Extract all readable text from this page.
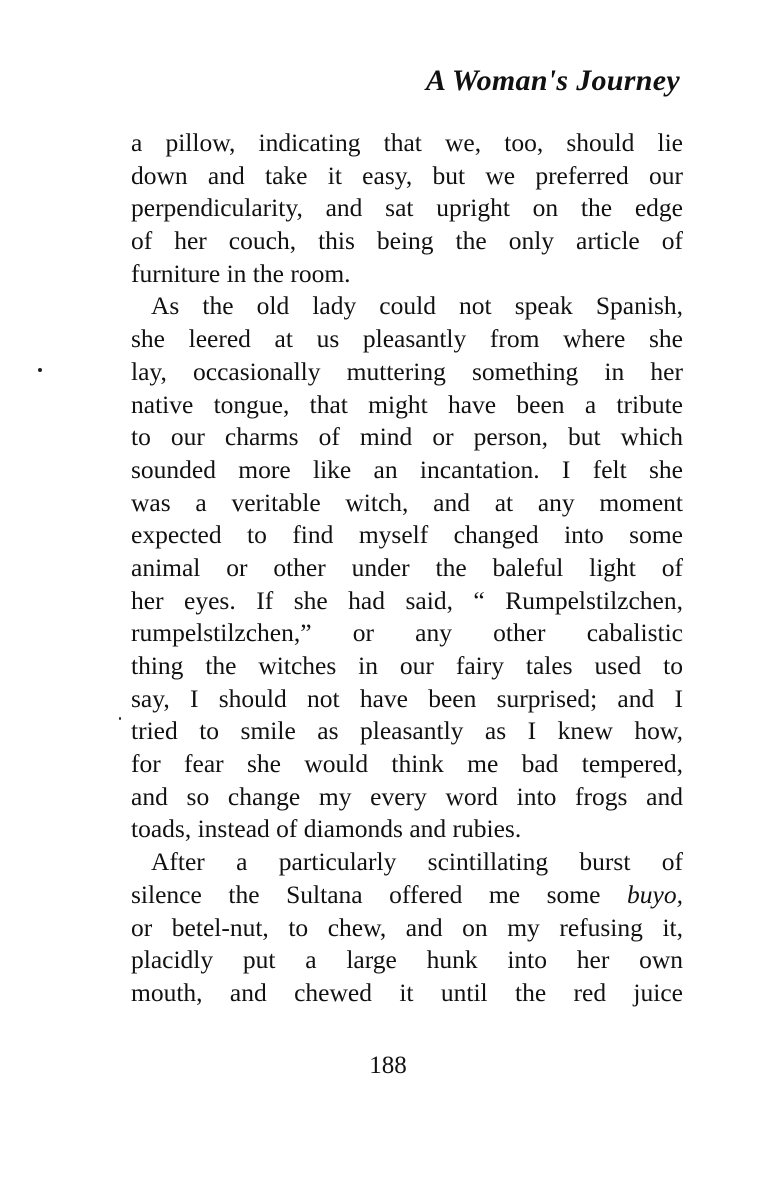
A Woman's Journey
a pillow, indicating that we, too, should lie
down and take it easy, but we preferred our
perpendicularity, and sat upright on the edge
of her couch, this being the only article of
furniture in the room.
As the old lady could not speak Spanish,
she leered at us pleasantly from where she
lay, occasionally muttering something in her
native tongue, that might have been a tribute
to our charms of mind or person, but which
sounded more like an incantation. I felt she
was a veritable witch, and at any moment
expected to find myself changed into some
animal or other under the baleful light of
her eyes. If she had said, “ Rumpelstilzchen,
rumpelstilzchen,” or any other cabalistic
thing the witches in our fairy tales used to
say, I should not have been surprised; and I
tried to smile as pleasantly as I knew how,
for fear she would think me bad tempered,
and so change my every word into frogs and
toads, instead of diamonds and rubies.
After a particularly scintillating burst of
silence the Sultana offered me some buyo,
or betel-nut, to chew, and on my refusing it,
placidly put a large hunk into her own
mouth, and chewed it until the red juice
188
